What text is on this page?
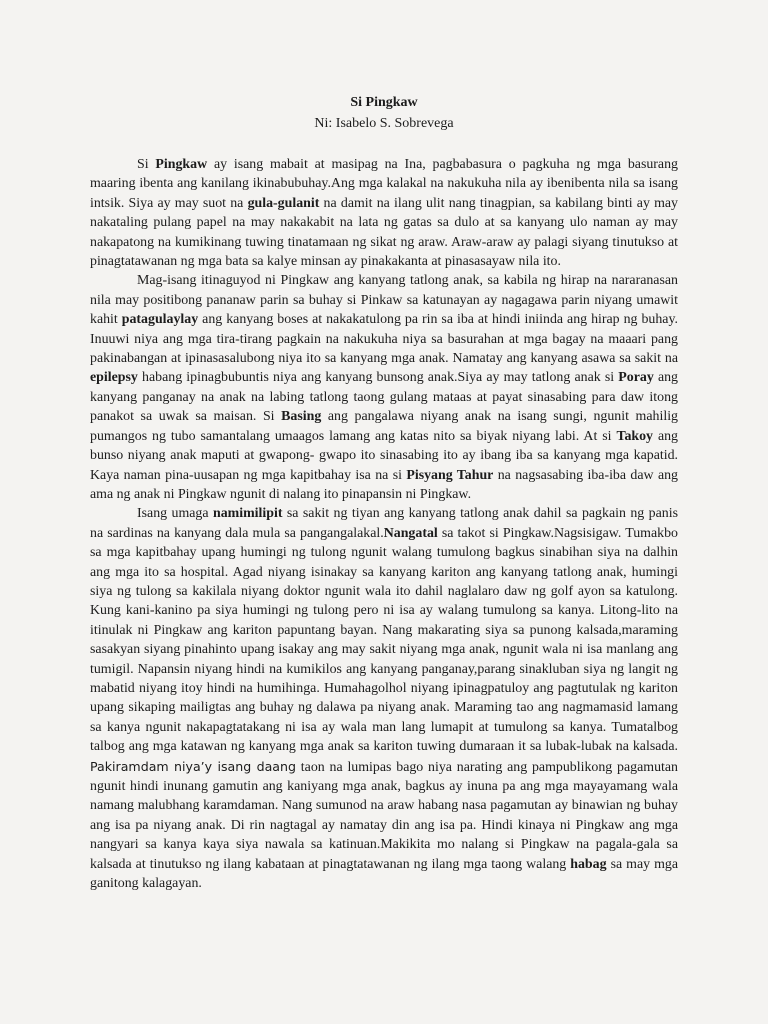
Si Pingkaw
Ni: Isabelo S. Sobrevega

Si Pingkaw ay isang mabait at masipag na Ina, pagbabasura o pagkuha ng mga basurang maaring ibenta ang kanilang ikinabubuhay.Ang mga kalakal na nakukuha nila ay ibenibenta nila sa isang intsik. Siya ay may suot na gula-gulanit na damit na ilang ulit nang tinagpian, sa kabilang binti ay may nakataling pulang papel na may nakakabit na lata ng gatas sa dulo at sa kanyang ulo naman ay may nakapatong na kumikinang tuwing tinatamaan ng sikat ng araw. Araw-araw ay palagi siyang tinutukso at pinagtatawanan ng mga bata sa kalye minsan ay pinakakanta at pinasasayaw nila ito.

Mag-isang itinaguyod ni Pingkaw ang kanyang tatlong anak, sa kabila ng hirap na nararanasan nila may positibong pananaw parin sa buhay si Pinkaw sa katunayan ay nagagawa parin niyang umawit kahit patagulaylay ang kanyang boses at nakakatulong pa rin sa iba at hindi iniinda ang hirap ng buhay. Inuuwi niya ang mga tira-tirang pagkain na nakukuha niya sa basurahan at mga bagay na maaari pang pakinabangan at ipinasasalubong niya ito sa kanyang mga anak. Namatay ang kanyang asawa sa sakit na epilepsy habang ipinagbubuntis niya ang kanyang bunsong anak.Siya ay may tatlong anak si Poray ang kanyang panganay na anak na labing tatlong taong gulang mataas at payat sinasabing para daw itong panakot sa uwak sa maisan. Si Basing ang pangalawa niyang anak na isang sungi, ngunit mahilig pumangos ng tubo samantalang umaagos lamang ang katas nito sa biyak niyang labi. At si Takoy ang bunso niyang anak maputi at gwapong- gwapo ito sinasabing ito ay ibang iba sa kanyang mga kapatid. Kaya naman pina-uusapan ng mga kapitbahay isa na si Pisyang Tahur na nagsasabing iba-iba daw ang ama ng anak ni Pingkaw ngunit di nalang ito pinapansin ni Pingkaw.

Isang umaga namimilipit sa sakit ng tiyan ang kanyang tatlong anak dahil sa pagkain ng panis na sardinas na kanyang dala mula sa pangangalakal.Nangatal sa takot si Pingkaw.Nagsisigaw. Tumakbo sa mga kapitbahay upang humingi ng tulong ngunit walang tumulong bagkus sinabihan siya na dalhin ang mga ito sa hospital. Agad niyang isinakay sa kanyang kariton ang kanyang tatlong anak, humingi siya ng tulong sa kakilala niyang doktor ngunit wala ito dahil naglalaro daw ng golf ayon sa katulong. Kung kani-kanino pa siya humingi ng tulong pero ni isa ay walang tumulong sa kanya. Litong-lito na itinulak ni Pingkaw ang kariton papuntang bayan. Nang makarating siya sa punong kalsada,maraming sasakyan siyang pinahinto upang isakay ang may sakit niyang mga anak, ngunit wala ni isa manlang ang tumigil. Napansin niyang hindi na kumikilos ang kanyang panganay,parang sinakluban siya ng langit ng mabatid niyang itoy hindi na humihinga. Humahagolhol niyang ipinagpatuloy ang pagtutulak ng kariton upang sikaping mailigtas ang buhay ng dalawa pa niyang anak. Maraming tao ang nagmamasid lamang sa kanya ngunit nakapagtatakang ni isa ay wala man lang lumapit at tumulong sa kanya. Tumatalbog talbog ang mga katawan ng kanyang mga anak sa kariton tuwing dumaraan it sa lubak-lubak na kalsada. Pakiramdam niya’y isang daang taon na lumipas bago niya narating ang pampublikong pagamutan ngunit hindi inunang gamutin ang kaniyang mga anak, bagkus ay inuna pa ang mga mayayamang wala namang malubhang karamdaman. Nang sumunod na araw habang nasa pagamutan ay binawian ng buhay ang isa pa niyang anak. Di rin nagtagal ay namatay din ang isa pa. Hindi kinaya ni Pingkaw ang mga nangyari sa kanya kaya siya nawala sa katinuan.Makikita mo nalang si Pingkaw na pagala-gala sa kalsada at tinutukso ng ilang kabataan at pinagtatawanan ng ilang mga taong walang habag sa may mga ganitong kalagayan.
